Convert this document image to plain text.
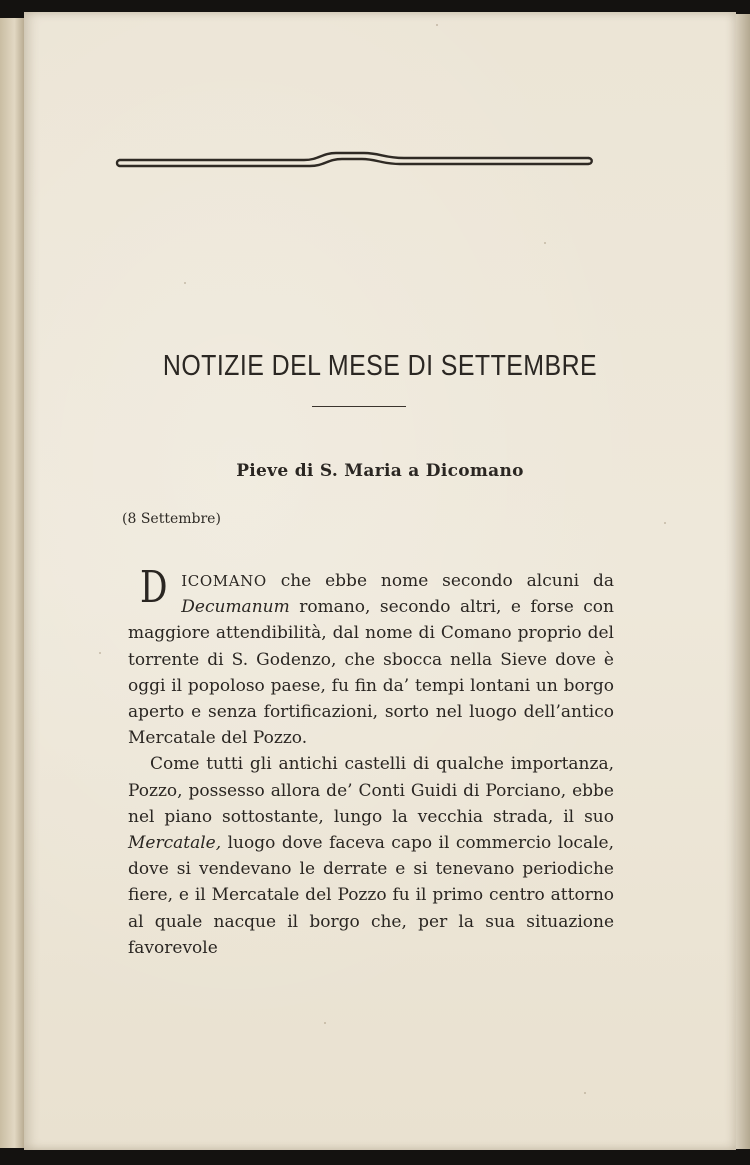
NOTIZIE DEL MESE DI SETTEMBRE
Pieve di S. Maria a Dicomano
(8 Settembre)

DICOMANO che ebbe nome secondo alcuni da Decumanum romano, secondo altri, e forse con maggiore attendibilità, dal nome di Comano proprio del torrente di S. Godenzo, che sbocca nella Sieve dove è oggi il popoloso paese, fu fin da’ tempi lontani un borgo aperto e senza fortificazioni, sorto nel luogo dell’antico Mercatale del Pozzo.

Come tutti gli antichi castelli di qualche importanza, Pozzo, possesso allora de’ Conti Guidi di Porciano, ebbe nel piano sottostante, lungo la vecchia strada, il suo Mercatale, luogo dove faceva capo il commercio locale, dove si vendevano le derrate e si tenevano periodiche fiere, e il Mercatale del Pozzo fu il primo centro attorno al quale nacque il borgo che, per la sua situazione favorevole
